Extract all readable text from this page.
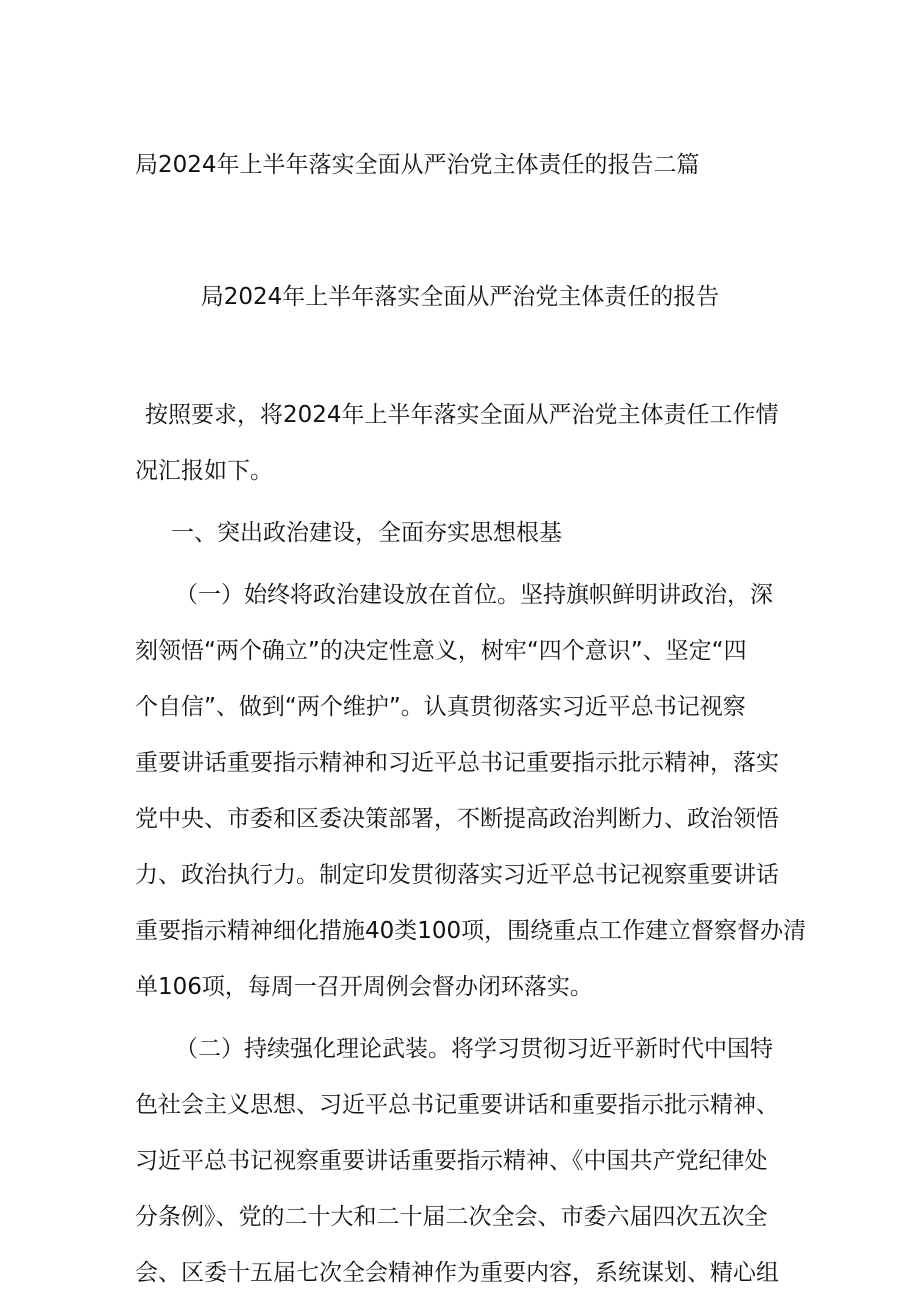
局2024年上半年落实全面从严治党主体责任的报告二篇
局2024年上半年落实全面从严治党主体责任的报告
按照要求，将2024年上半年落实全面从严治党主体责任工作情
况汇报如下。
一、突出政治建设，全面夯实思想根基
（一）始终将政治建设放在首位。坚持旗帜鲜明讲政治，深
刻领悟“两个确立”的决定性意义，树牢“四个意识”、坚定“四
个自信”、做到“两个维护”。认真贯彻落实习近平总书记视察
重要讲话重要指示精神和习近平总书记重要指示批示精神，落实
党中央、市委和区委决策部署，不断提高政治判断力、政治领悟
力、政治执行力。制定印发贯彻落实习近平总书记视察重要讲话
重要指示精神细化措施40类100项，围绕重点工作建立督察督办清
单106项，每周一召开周例会督办闭环落实。
（二）持续强化理论武装。将学习贯彻习近平新时代中国特
色社会主义思想、习近平总书记重要讲话和重要指示批示精神、
习近平总书记视察重要讲话重要指示精神、《中国共产党纪律处
分条例》、党的二十大和二十届二次全会、市委六届四次五次全
会、区委十五届七次全会精神作为重要内容，系统谋划、精心组
